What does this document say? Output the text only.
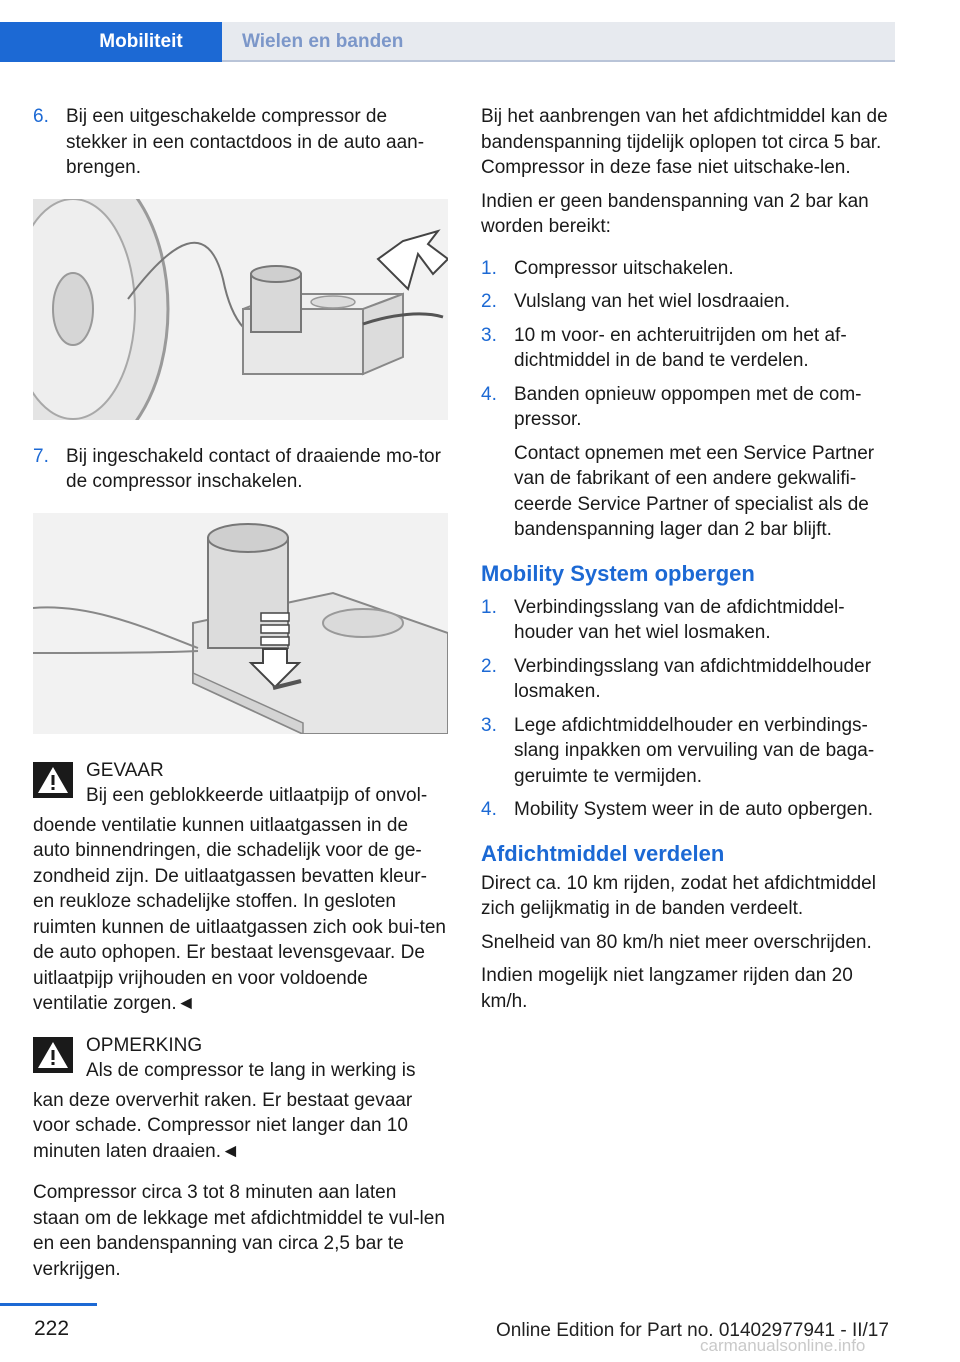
Mobiliteit	Wielen en banden
6. Bij een uitgeschakelde compressor de stekker in een contactdoos in de auto aan-brengen.
7. Bij ingeschakeld contact of draaiende mo-tor de compressor inschakelen.
GEVAAR
Bij een geblokkeerde uitlaatpijp of onvol-
doende ventilatie kunnen uitlaatgassen in de auto binnendringen, die schadelijk voor de ge-zondheid zijn. De uitlaatgassen bevatten kleur- en reukloze schadelijke stoffen. In gesloten ruimten kunnen de uitlaatgassen zich ook bui-ten de auto ophopen. Er bestaat levensgevaar. De uitlaatpijp vrijhouden en voor voldoende ventilatie zorgen.◄
OPMERKING
Als de compressor te lang in werking is
kan deze oververhit raken. Er bestaat gevaar voor schade. Compressor niet langer dan 10 minuten laten draaien.◄

Compressor circa 3 tot 8 minuten aan laten staan om de lekkage met afdichtmiddel te vul-len en een bandenspanning van circa 2,5 bar te verkrijgen.

Bij het aanbrengen van het afdichtmiddel kan de bandenspanning tijdelijk oplopen tot circa 5 bar. Compressor in deze fase niet uitschake-len.

Indien er geen bandenspanning van 2 bar kan worden bereikt:

1. Compressor uitschakelen.
2. Vulslang van het wiel losdraaien.
3. 10 m voor- en achteruitrijden om het af-dichtmiddel in de band te verdelen.
4. Banden opnieuw oppompen met de com-pressor.
Contact opnemen met een Service Partner van de fabrikant of een andere gekwalifi-ceerde Service Partner of specialist als de bandenspanning lager dan 2 bar blijft.
Mobility System opbergen
1. Verbindingsslang van de afdichtmiddel-houder van het wiel losmaken.
2. Verbindingsslang van afdichtmiddelhouder losmaken.
3. Lege afdichtmiddelhouder en verbindings-slang inpakken om vervuiling van de baga-geruimte te vermijden.
4. Mobility System weer in de auto opbergen.
Afdichtmiddel verdelen

Direct ca. 10 km rijden, zodat het afdichtmiddel zich gelijkmatig in de banden verdeelt.

Snelheid van 80 km/h niet meer overschrijden.

Indien mogelijk niet langzamer rijden dan 20 km/h.

222	Online Edition for Part no. 01402977941 - II/17
carmanualsonline.info
